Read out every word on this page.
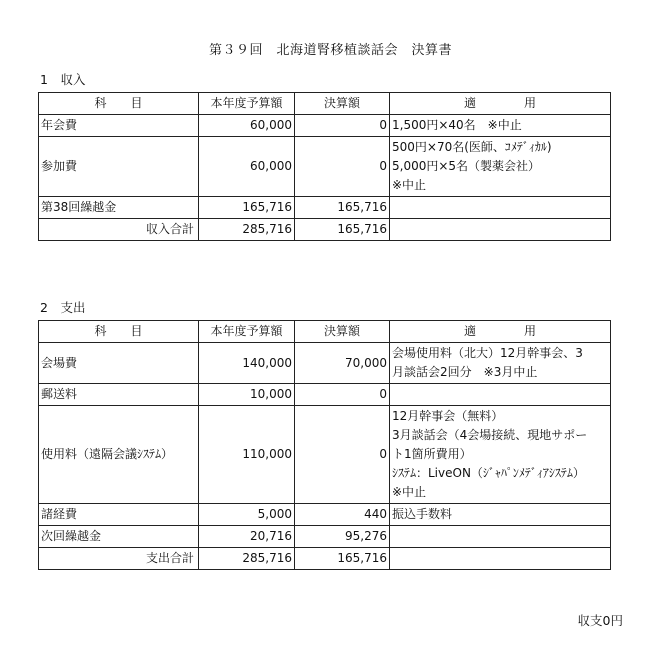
第３９回　北海道腎移植談話会　決算書
1　収入
科　　目	本年度予算額	決算額	適　　　　用
年会費	60,000	0	1,500円×40名　※中止

参加費	60,000	0	500円×70名(医師、ｺﾒﾃﾞｨｶﾙ)
5,000円×5名（製薬会社）
※中止

第38回繰越金	165,716	165,716	

収入合計	285,716	165,716	
2　支出
科　　目	本年度予算額	決算額	適　　　　用
会場費	140,000	70,000	会場使用料（北大）12月幹事会、3
月談話会2回分　※3月中止

郵送料	10,000	0	

使用料（遠隔会議ｼｽﾃﾑ）	110,000	0	12月幹事会（無料）
3月談話会（4会場接続、現地サポー
ト1箇所費用）
ｼｽﾃﾑ：LiveON（ｼﾞｬﾊﾟﾝﾒﾃﾞｨｱｼｽﾃﾑ）
※中止

諸経費	5,000	440	振込手数料

次回繰越金	20,716	95,276	

支出合計	285,716	165,716	
収支0円
